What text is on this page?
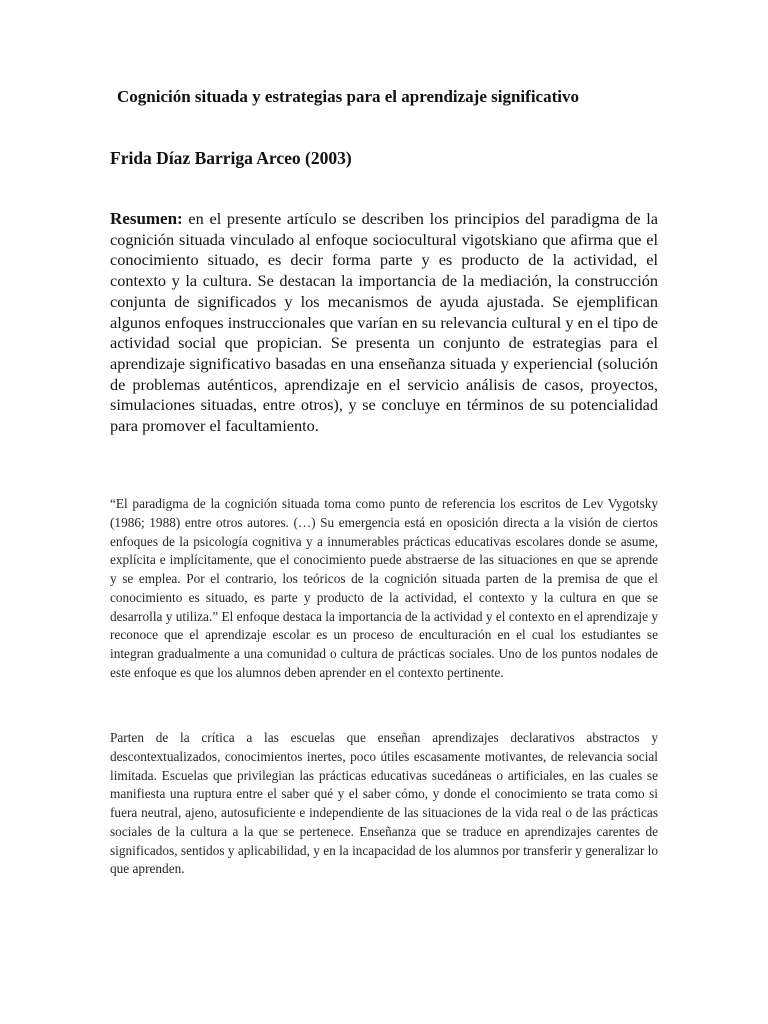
Cognición situada y estrategias para el aprendizaje significativo

Frida Díaz Barriga Arceo (2003)

Resumen: en el presente artículo se describen los principios del paradigma de la cognición situada vinculado al enfoque sociocultural vigotskiano que afirma que el conocimiento situado, es decir forma parte y es producto de la actividad, el contexto y la cultura. Se destacan la importancia de la mediación, la construcción conjunta de significados y los mecanismos de ayuda ajustada. Se ejemplifican algunos enfoques instruccionales que varían en su relevancia cultural y en el tipo de actividad social que propician. Se presenta un conjunto de estrategias para el aprendizaje significativo basadas en una enseñanza situada y experiencial (solución de problemas auténticos, aprendizaje en el servicio análisis de casos, proyectos, simulaciones situadas, entre otros), y se concluye en términos de su potencialidad para promover el facultamiento.

“El paradigma de la cognición situada toma como punto de referencia los escritos de Lev Vygotsky (1986; 1988) entre otros autores. (…) Su emergencia está en oposición directa a la visión de ciertos enfoques de la psicología cognitiva y a innumerables prácticas educativas escolares donde se asume, explícita e implícitamente, que el conocimiento puede abstraerse de las situaciones en que se aprende y se emplea. Por el contrario, los teóricos de la cognición situada parten de la premisa de que el conocimiento es situado, es parte y producto de la actividad, el contexto y la cultura en que se desarrolla y utiliza.” El enfoque destaca la importancia de la actividad y el contexto en el aprendizaje y reconoce que el aprendizaje escolar es un proceso de enculturación en el cual los estudiantes se integran gradualmente a una comunidad o cultura de prácticas sociales. Uno de los puntos nodales de este enfoque es que los alumnos deben aprender en el contexto pertinente.

Parten de la crítica a las escuelas que enseñan aprendizajes declarativos abstractos y descontextualizados, conocimientos inertes, poco útiles escasamente motivantes, de relevancia social limitada. Escuelas que privilegian las prácticas educativas sucedáneas o artificiales, en las cuales se manifiesta una ruptura entre el saber qué y el saber cómo, y donde el conocimiento se trata como si fuera neutral, ajeno, autosuficiente e independiente de las situaciones de la vida real o de las prácticas sociales de la cultura a la que se pertenece. Enseñanza que se traduce en aprendizajes carentes de significados, sentidos y aplicabilidad, y en la incapacidad de los alumnos por transferir y generalizar lo que aprenden.
